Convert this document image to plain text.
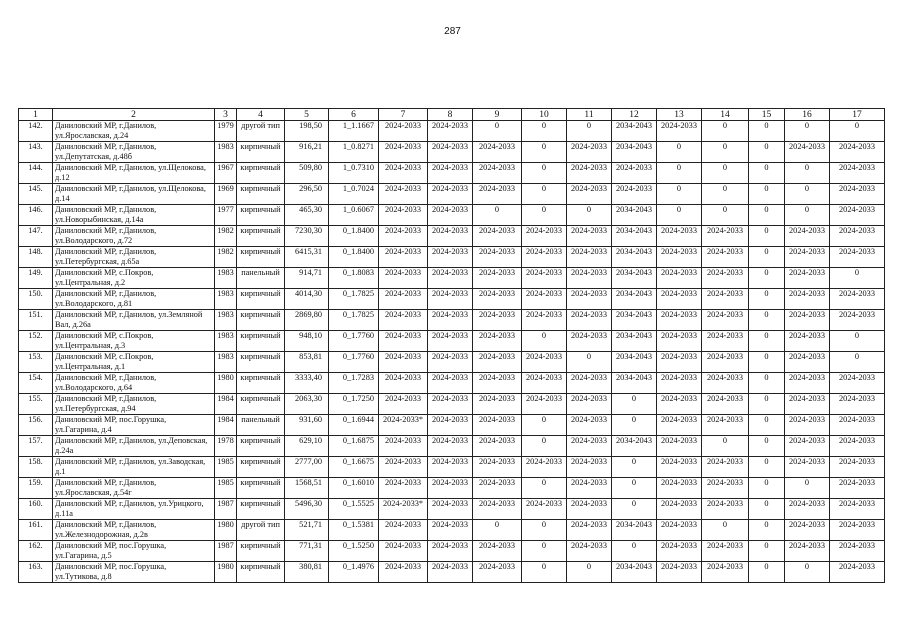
287
1	2	3	4	5	6	7	8	9	10	11	12	13	14	15	16	17
142.	Даниловский МР, г.Данилов, ул.Ярославская, д.24	1979	другой тип	198,50	1_1.1667	2024-2033	2024-2033	0	0	0	2034-2043	2024-2033	0	0	0	0
143.	Даниловский МР, г.Данилов, ул.Депутатская, д.48б	1983	кирпичный	916,21	1_0.8271	2024-2033	2024-2033	2024-2033	0	2024-2033	2034-2043	0	0	0	2024-2033	2024-2033
144.	Даниловский МР, г.Данилов, ул.Щелокова, д.12	1967	кирпичный	509,80	1_0.7310	2024-2033	2024-2033	2024-2033	0	2024-2033	2024-2033	0	0	0	0	2024-2033
145.	Даниловский МР, г.Данилов, ул.Щелокова, д.14	1969	кирпичный	296,50	1_0.7024	2024-2033	2024-2033	2024-2033	0	2024-2033	2024-2033	0	0	0	0	2024-2033
146.	Даниловский МР, г.Данилов, ул.Новорыбинская, д.14а	1977	кирпичный	465,30	1_0.6067	2024-2033	2024-2033	0	0	0	2034-2043	0	0	0	0	2024-2033
147.	Даниловский МР, г.Данилов, ул.Володарского, д.72	1982	кирпичный	7230,30	0_1.8400	2024-2033	2024-2033	2024-2033	2024-2033	2024-2033	2034-2043	2024-2033	2024-2033	0	2024-2033	2024-2033
148.	Даниловский МР, г.Данилов, ул.Петербургская, д.65а	1982	кирпичный	6415,31	0_1.8400	2024-2033	2024-2033	2024-2033	2024-2033	2024-2033	2034-2043	2024-2033	2024-2033	0	2024-2033	2024-2033
149.	Даниловский МР, с.Покров, ул.Центральная, д.2	1983	панельный	914,71	0_1.8083	2024-2033	2024-2033	2024-2033	2024-2033	2024-2033	2034-2043	2024-2033	2024-2033	0	2024-2033	0
150.	Даниловский МР, г.Данилов, ул.Володарского, д.81	1983	кирпичный	4014,30	0_1.7825	2024-2033	2024-2033	2024-2033	2024-2033	2024-2033	2034-2043	2024-2033	2024-2033	0	2024-2033	2024-2033
151.	Даниловский МР, г.Данилов, ул.Земляной Вал, д.26а	1983	кирпичный	2869,80	0_1.7825	2024-2033	2024-2033	2024-2033	2024-2033	2024-2033	2034-2043	2024-2033	2024-2033	0	2024-2033	2024-2033
152.	Даниловский МР, с.Покров, ул.Центральная, д.3	1983	кирпичный	948,10	0_1.7760	2024-2033	2024-2033	2024-2033	0	2024-2033	2034-2043	2024-2033	2024-2033	0	2024-2033	0
153.	Даниловский МР, с.Покров, ул.Центральная, д.1	1983	кирпичный	853,81	0_1.7760	2024-2033	2024-2033	2024-2033	2024-2033	0	2034-2043	2024-2033	2024-2033	0	2024-2033	0
154.	Даниловский МР, г.Данилов, ул.Володарского, д.64	1980	кирпичный	3333,40	0_1.7283	2024-2033	2024-2033	2024-2033	2024-2033	2024-2033	2034-2043	2024-2033	2024-2033	0	2024-2033	2024-2033
155.	Даниловский МР, г.Данилов, ул.Петербургская, д.94	1984	кирпичный	2063,30	0_1.7250	2024-2033	2024-2033	2024-2033	2024-2033	2024-2033	0	2024-2033	2024-2033	0	2024-2033	2024-2033
156.	Даниловский МР, пос.Горушка, ул.Гагарина, д.4	1984	панельный	931,60	0_1.6944	2024-2033*	2024-2033	2024-2033	0	2024-2033	0	2024-2033	2024-2033	0	2024-2033	2024-2033
157.	Даниловский МР, г.Данилов, ул.Деповская, д.24а	1978	кирпичный	629,10	0_1.6875	2024-2033	2024-2033	2024-2033	0	2024-2033	2034-2043	2024-2033	0	0	2024-2033	2024-2033
158.	Даниловский МР, г.Данилов, ул.Заводская, д.1	1985	кирпичный	2777,00	0_1.6675	2024-2033	2024-2033	2024-2033	2024-2033	2024-2033	0	2024-2033	2024-2033	0	2024-2033	2024-2033
159.	Даниловский МР, г.Данилов, ул.Ярославская, д.54г	1985	кирпичный	1568,51	0_1.6010	2024-2033	2024-2033	2024-2033	0	2024-2033	0	2024-2033	2024-2033	0	0	2024-2033
160.	Даниловский МР, г.Данилов, ул.Урицкого, д.11а	1987	кирпичный	5496,30	0_1.5525	2024-2033*	2024-2033	2024-2033	2024-2033	2024-2033	0	2024-2033	2024-2033	0	2024-2033	2024-2033
161.	Даниловский МР, г.Данилов, ул.Железнодорожная, д.2в	1980	другой тип	521,71	0_1.5381	2024-2033	2024-2033	0	0	2024-2033	2034-2043	2024-2033	0	0	2024-2033	2024-2033
162.	Даниловский МР, пос.Горушка, ул.Гагарина, д.5	1987	кирпичный	771,31	0_1.5250	2024-2033	2024-2033	2024-2033	0	2024-2033	0	2024-2033	2024-2033	0	2024-2033	2024-2033
163.	Даниловский МР, пос.Горушка, ул.Тутикова, д.8	1980	кирпичный	380,81	0_1.4976	2024-2033	2024-2033	2024-2033	0	0	2034-2043	2024-2033	2024-2033	0	0	2024-2033
